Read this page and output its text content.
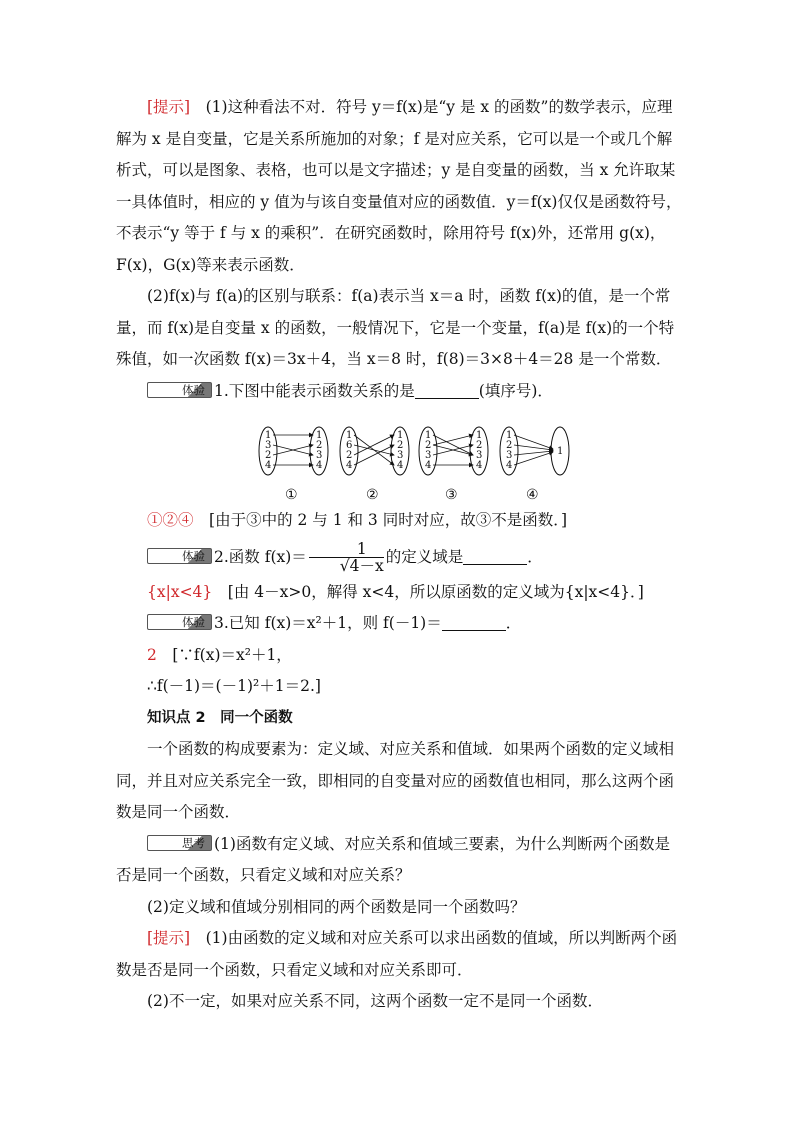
[提示]　(1)这种看法不对．符号 y＝f(x)是“y 是 x 的函数”的数学表示，应理解为 x 是自变量，它是关系所施加的对象；f 是对应关系，它可以是一个或几个解析式，可以是图象、表格，也可以是文字描述；y 是自变量的函数，当 x 允许取某一具体值时，相应的 y 值为与该自变量值对应的函数值．y＝f(x)仅仅是函数符号，不表示“y 等于 f 与 x 的乘积”．在研究函数时，除用符号 f(x)外，还常用 g(x)，F(x)，G(x)等来表示函数．

(2)f(x)与 f(a)的区别与联系：f(a)表示当 x＝a 时，函数 f(x)的值，是一个常量，而 f(x)是自变量 x 的函数，一般情况下，它是一个变量，f(a)是 f(x)的一个特殊值，如一次函数 f(x)＝3x＋4，当 x＝8 时，f(8)＝3×8＋4＝28 是一个常数．

体验 1.下图中能表示函数关系的是	(填序号)．

1
3
2
4
1
2
3
4
①
1
6
2
4
1
2
3
4
②
1
2
3
4
1
2
3
4
③
1
2
3
4
1
④

①②④　[由于③中的 2 与 1 和 3 同时对应，故③不是函数．]

体验 2.函数 $f(x)= \frac{1}{√4-x}$ 的定义域是	．

{x|x<4}　[由 4－x>0，解得 x<4，所以原函数的定义域为{x|x<4}．]

体验 3.已知 f(x)＝x²＋1，则 f(－1)＝	．

2　[∵f(x)＝x²＋1，

∴f(－1)＝(－1)²＋1＝2.]

知识点 2　同一个函数

一个函数的构成要素为：定义域、对应关系和值域．如果两个函数的定义域相同，并且对应关系完全一致，即相同的自变量对应的函数值也相同，那么这两个函数是同一个函数．

思考 (1)函数有定义域、对应关系和值域三要素，为什么判断两个函数是否是同一个函数，只看定义域和对应关系？

(2)定义域和值域分别相同的两个函数是同一个函数吗？

[提示]　(1)由函数的定义域和对应关系可以求出函数的值域，所以判断两个函数是否是同一个函数，只看定义域和对应关系即可．

(2)不一定，如果对应关系不同，这两个函数一定不是同一个函数．
